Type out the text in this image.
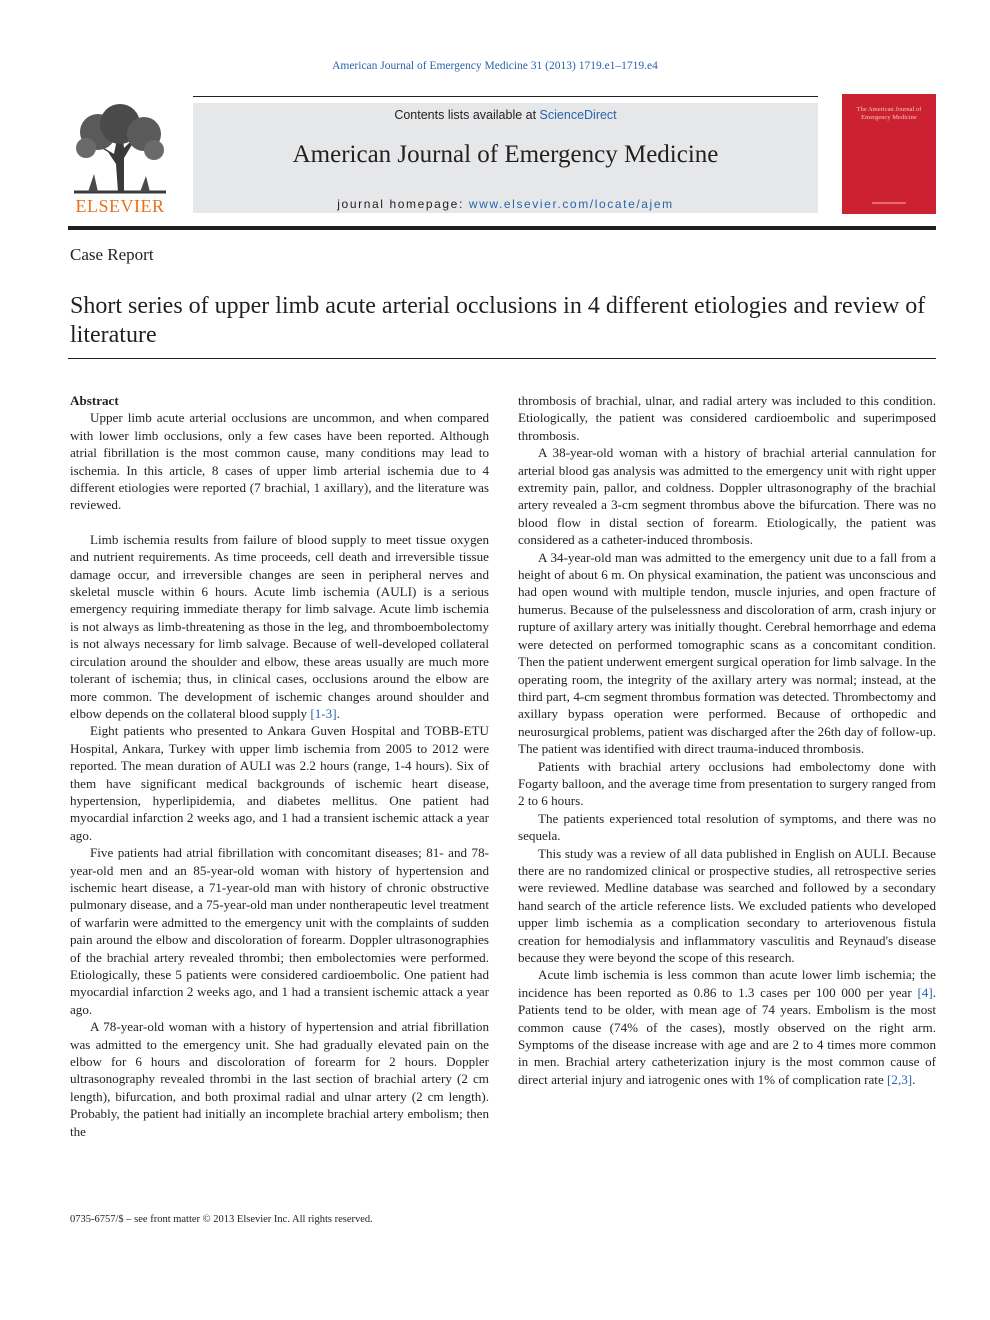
American Journal of Emergency Medicine 31 (2013) 1719.e1–1719.e4
ELSEVIER
Contents lists available at ScienceDirect
American Journal of Emergency Medicine
journal homepage: www.elsevier.com/locate/ajem
The American Journal of Emergency Medicine
Case Report
Short series of upper limb acute arterial occlusions in 4 different etiologies and review of literature
Abstract

Upper limb acute arterial occlusions are uncommon, and when compared with lower limb occlusions, only a few cases have been reported. Although atrial fibrillation is the most common cause, many conditions may lead to ischemia. In this article, 8 cases of upper limb arterial ischemia due to 4 different etiologies were reported (7 brachial, 1 axillary), and the literature was reviewed.

Limb ischemia results from failure of blood supply to meet tissue oxygen and nutrient requirements. As time proceeds, cell death and irreversible tissue damage occur, and irreversible changes are seen in peripheral nerves and skeletal muscle within 6 hours. Acute limb ischemia (AULI) is a serious emergency requiring immediate therapy for limb salvage. Acute limb ischemia is not always as limb-threatening as those in the leg, and thromboembolectomy is not always necessary for limb salvage. Because of well-developed collateral circulation around the shoulder and elbow, these areas usually are much more tolerant of ischemia; thus, in clinical cases, occlusions around the elbow are more common. The development of ischemic changes around shoulder and elbow depends on the collateral blood supply [1-3].

Eight patients who presented to Ankara Guven Hospital and TOBB-ETU Hospital, Ankara, Turkey with upper limb ischemia from 2005 to 2012 were reported. The mean duration of AULI was 2.2 hours (range, 1-4 hours). Six of them have significant medical backgrounds of ischemic heart disease, hypertension, hyperlipidemia, and diabetes mellitus. One patient had myocardial infarction 2 weeks ago, and 1 had a transient ischemic attack a year ago.

Five patients had atrial fibrillation with concomitant diseases; 81- and 78-year-old men and an 85-year-old woman with history of hypertension and ischemic heart disease, a 71-year-old man with history of chronic obstructive pulmonary disease, and a 75-year-old man under nontherapeutic level treatment of warfarin were admitted to the emergency unit with the complaints of sudden pain around the elbow and discoloration of forearm. Doppler ultrasonographies of the brachial artery revealed thrombi; then embolectomies were performed. Etiologically, these 5 patients were considered cardioembolic. One patient had myocardial infarction 2 weeks ago, and 1 had a transient ischemic attack a year ago.

A 78-year-old woman with a history of hypertension and atrial fibrillation was admitted to the emergency unit. She had gradually elevated pain on the elbow for 6 hours and discoloration of forearm for 2 hours. Doppler ultrasonography revealed thrombi in the last section of brachial artery (2 cm length), bifurcation, and both proximal radial and ulnar artery (2 cm length). Probably, the patient had initially an incomplete brachial artery embolism; then the

thrombosis of brachial, ulnar, and radial artery was included to this condition. Etiologically, the patient was considered cardioembolic and superimposed thrombosis.

A 38-year-old woman with a history of brachial arterial cannulation for arterial blood gas analysis was admitted to the emergency unit with right upper extremity pain, pallor, and coldness. Doppler ultrasonography of the brachial artery revealed a 3-cm segment thrombus above the bifurcation. There was no blood flow in distal section of forearm. Etiologically, the patient was considered as a catheter-induced thrombosis.

A 34-year-old man was admitted to the emergency unit due to a fall from a height of about 6 m. On physical examination, the patient was unconscious and had open wound with multiple tendon, muscle injuries, and open fracture of humerus. Because of the pulselessness and discoloration of arm, crash injury or rupture of axillary artery was initially thought. Cerebral hemorrhage and edema were detected on performed tomographic scans as a concomitant condition. Then the patient underwent emergent surgical operation for limb salvage. In the operating room, the integrity of the axillary artery was normal; instead, at the third part, 4-cm segment thrombus formation was detected. Thrombectomy and axillary bypass operation were performed. Because of orthopedic and neurosurgical problems, patient was discharged after the 26th day of follow-up. The patient was identified with direct trauma-induced thrombosis.

Patients with brachial artery occlusions had embolectomy done with Fogarty balloon, and the average time from presentation to surgery ranged from 2 to 6 hours.

The patients experienced total resolution of symptoms, and there was no sequela.

This study was a review of all data published in English on AULI. Because there are no randomized clinical or prospective studies, all retrospective series were reviewed. Medline database was searched and followed by a secondary hand search of the article reference lists. We excluded patients who developed upper limb ischemia as a complication secondary to arteriovenous fistula creation for hemodialysis and inflammatory vasculitis and Reynaud's disease because they were beyond the scope of this research.

Acute limb ischemia is less common than acute lower limb ischemia; the incidence has been reported as 0.86 to 1.3 cases per 100 000 per year [4]. Patients tend to be older, with mean age of 74 years. Embolism is the most common cause (74% of the cases), mostly observed on the right arm. Symptoms of the disease increase with age and are 2 to 4 times more common in men. Brachial artery catheterization injury is the most common cause of direct arterial injury and iatrogenic ones with 1% of complication rate [2,3].

0735-6757/$ – see front matter © 2013 Elsevier Inc. All rights reserved.
